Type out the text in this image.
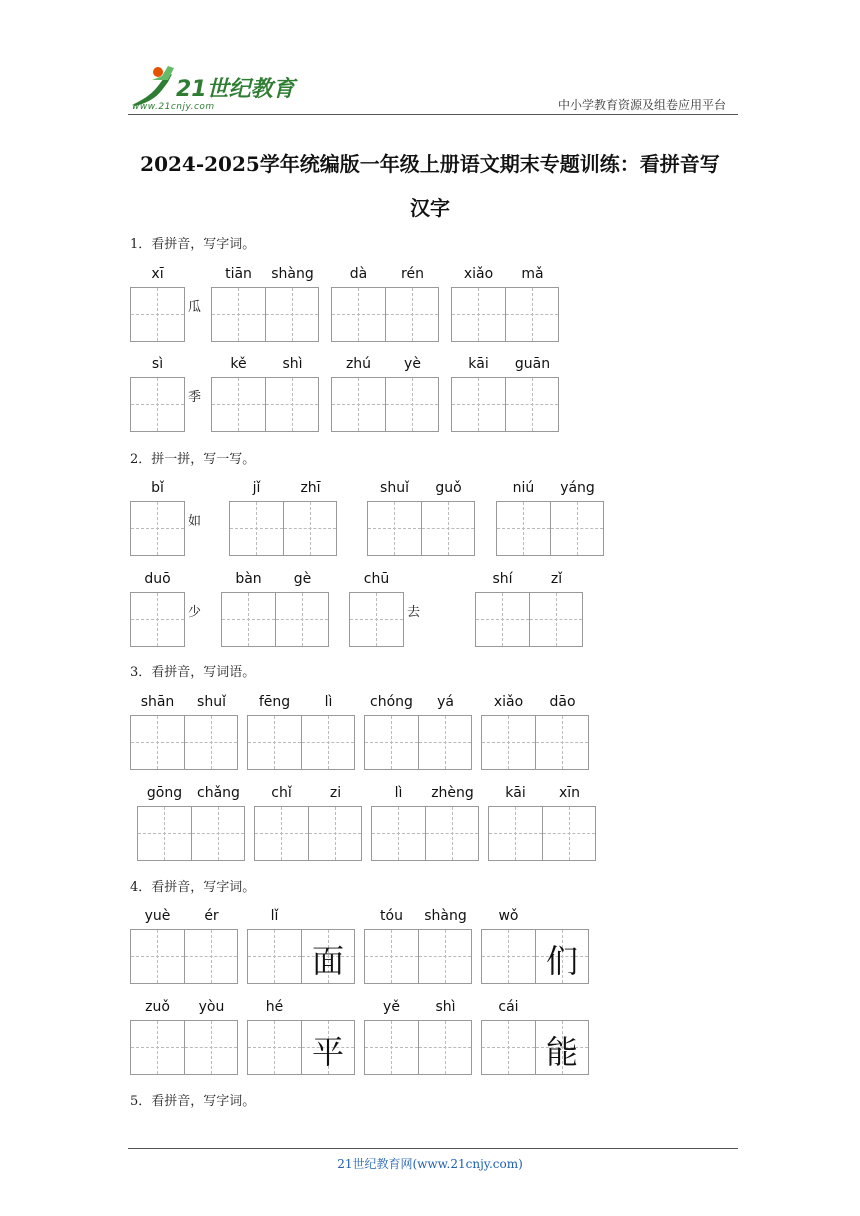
21世纪教育
www.21cnjy.com	中小学教育资源及组卷应用平台
2024-2025学年统编版一年级上册语文期末专题训练：看拼音写
汉字
1．看拼音，写字词。
2．拼一拼，写一写。
3．看拼音，写词语。
4．看拼音，写字词。
5．看拼音，写字词。
xī
瓜
tiān	shàng	dà	rén	xiǎo	mǎ
sì
季
kě	shì	zhú	yè	kāi	guān
bǐ
如
jǐ	zhī	shuǐ	guǒ	niú	yáng
duō
少
bàn	gè	chū
去
shí	zǐ
shān	shuǐ	fēng	lì	chóng	yá	xiǎo	dāo
gōng	chǎng	chǐ	zi	lì	zhèng	kāi	xīn
yuè	ér	lǐ
面
tóu	shàng	wǒ
们
zuǒ	yòu	hé
平
yě	shì	cái
能
21世纪教育网(www.21cnjy.com)
